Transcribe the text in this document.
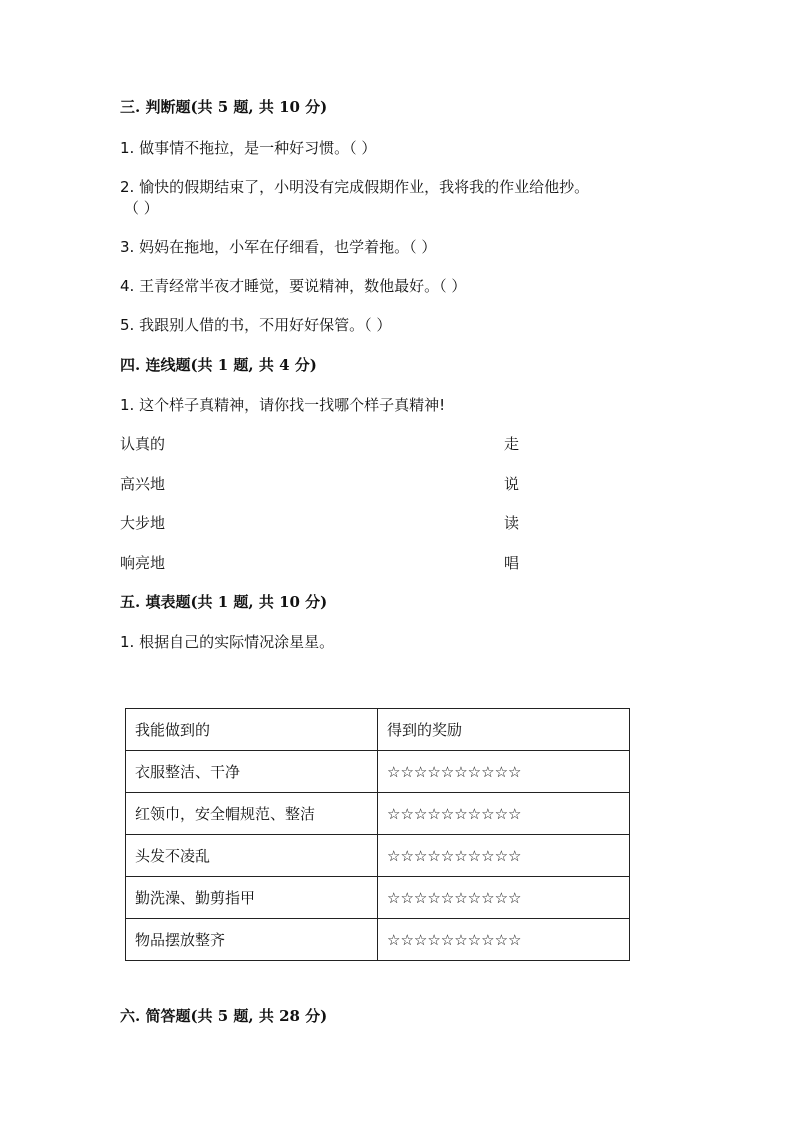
三. 判断题(共 5 题, 共 10 分)
1. 做事情不拖拉，是一种好习惯。（ ）
2. 愉快的假期结束了，小明没有完成假期作业，我将我的作业给他抄。
（ ）
3. 妈妈在拖地，小军在仔细看，也学着拖。（ ）
4. 王青经常半夜才睡觉，要说精神，数他最好。（ ）
5. 我跟别人借的书，不用好好保管。（ ）
四. 连线题(共 1 题, 共 4 分)
1. 这个样子真精神，请你找一找哪个样子真精神!
认真的	走
高兴地	说
大步地	读
响亮地	唱
五. 填表题(共 1 题, 共 10 分)
1. 根据自己的实际情况涂星星。
我能做到的	得到的奖励
衣服整洁、干净	☆☆☆☆☆☆☆☆☆☆
红领巾，安全帽规范、整洁	☆☆☆☆☆☆☆☆☆☆
头发不凌乱	☆☆☆☆☆☆☆☆☆☆
勤洗澡、勤剪指甲	☆☆☆☆☆☆☆☆☆☆
物品摆放整齐	☆☆☆☆☆☆☆☆☆☆
六. 简答题(共 5 题, 共 28 分)
